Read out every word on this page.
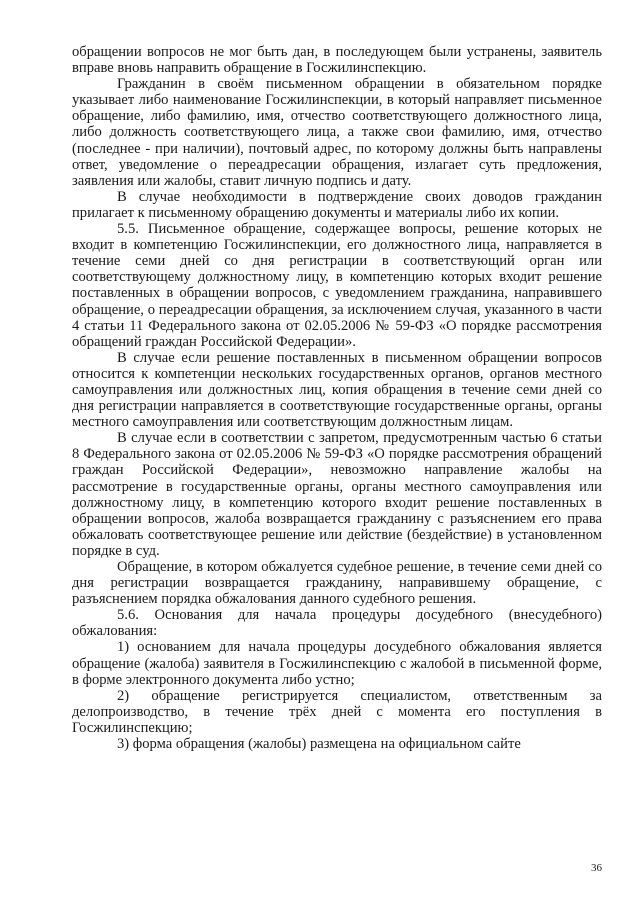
обращении вопросов не мог быть дан, в последующем были устранены, заявитель вправе вновь направить обращение в Госжилинспекцию.

Гражданин в своём письменном обращении в обязательном порядке указывает либо наименование Госжилинспекции, в который направляет письменное обращение, либо фамилию, имя, отчество соответствующего должностного лица, либо должность соответствующего лица, а также свои фамилию, имя, отчество (последнее - при наличии), почтовый адрес, по которому должны быть направлены ответ, уведомление о переадресации обращения, излагает суть предложения, заявления или жалобы, ставит личную подпись и дату.

В случае необходимости в подтверждение своих доводов гражданин прилагает к письменному обращению документы и материалы либо их копии.

5.5. Письменное обращение, содержащее вопросы, решение которых не входит в компетенцию Госжилинспекции, его должностного лица, направляется в течение семи дней со дня регистрации в соответствующий орган или соответствующему должностному лицу, в компетенцию которых входит решение поставленных в обращении вопросов, с уведомлением гражданина, направившего обращение, о переадресации обращения, за исключением случая, указанного в части 4 статьи 11 Федерального закона от 02.05.2006 № 59-ФЗ «О порядке рассмотрения обращений граждан Российской Федерации».

В случае если решение поставленных в письменном обращении вопросов относится к компетенции нескольких государственных органов, органов местного самоуправления или должностных лиц, копия обращения в течение семи дней со дня регистрации направляется в соответствующие государственные органы, органы местного самоуправления или соответствующим должностным лицам.

В случае если в соответствии с запретом, предусмотренным частью 6 статьи 8 Федерального закона от 02.05.2006 № 59-ФЗ «О порядке рассмотрения обращений граждан Российской Федерации», невозможно направление жалобы на рассмотрение в государственные органы, органы местного самоуправления или должностному лицу, в компетенцию которого входит решение поставленных в обращении вопросов, жалоба возвращается гражданину с разъяснением его права обжаловать соответствующее решение или действие (бездействие) в установленном порядке в суд.

Обращение, в котором обжалуется судебное решение, в течение семи дней со дня регистрации возвращается гражданину, направившему обращение, с разъяснением порядка обжалования данного судебного решения.

5.6. Основания для начала процедуры досудебного (внесудебного) обжалования:

1) основанием для начала процедуры досудебного обжалования является обращение (жалоба) заявителя в Госжилинспекцию с жалобой в письменной форме, в форме электронного документа либо устно;

2) обращение регистрируется специалистом, ответственным за делопроизводство, в течение трёх дней с момента его поступления в Госжилинспекцию;

3) форма обращения (жалобы) размещена на официальном сайте

36
